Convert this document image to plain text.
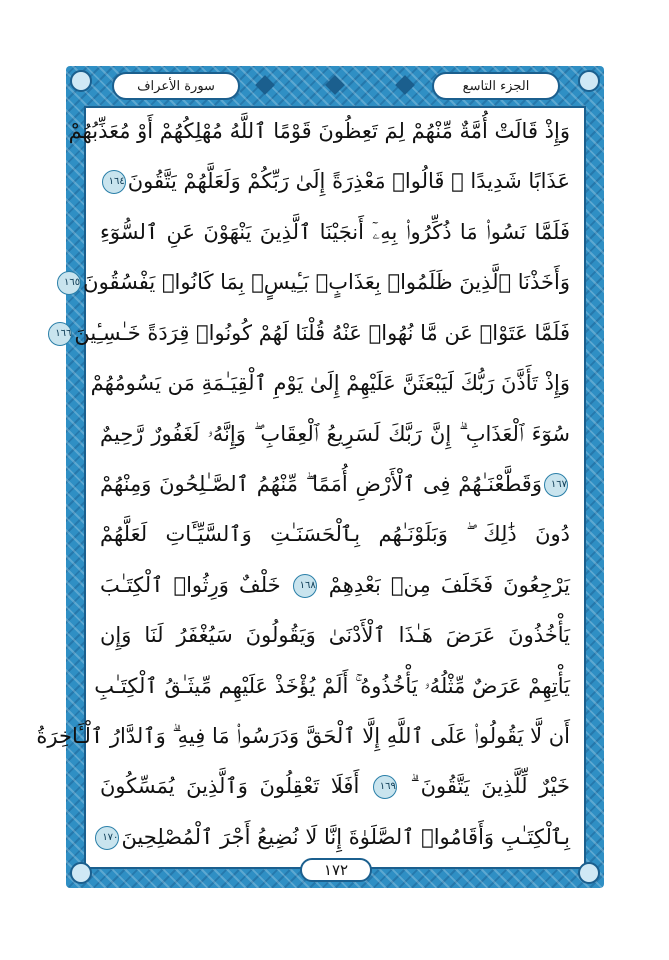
سورة الأعراف	الجزء التاسع
وَإِذْ قَالَتْ أُمَّةٌ مِّنْهُمْ لِمَ تَعِظُونَ قَوْمًا ٱللَّهُ مُهْلِكُهُمْ أَوْ مُعَذِّبُهُمْ
عَذَابًا شَدِيدًا ۖ قَالُوا۟ مَعْذِرَةً إِلَىٰ رَبِّكُمْ وَلَعَلَّهُمْ يَتَّقُونَ١٦٤
فَلَمَّا نَسُوا۟ مَا ذُكِّرُوا۟ بِهِۦٓ أَنجَيْنَا ٱلَّذِينَ يَنْهَوْنَ عَنِ ٱلسُّوٓءِ
وَأَخَذْنَا ٱلَّذِينَ ظَلَمُوا۟ بِعَذَابٍۭ بَـِٔيسٍۭ بِمَا كَانُوا۟ يَفْسُقُونَ١٦٥
فَلَمَّا عَتَوْا۟ عَن مَّا نُهُوا۟ عَنْهُ قُلْنَا لَهُمْ كُونُوا۟ قِرَدَةً خَـٰسِـِٔينَ١٦٦
وَإِذْ تَأَذَّنَ رَبُّكَ لَيَبْعَثَنَّ عَلَيْهِمْ إِلَىٰ يَوْمِ ٱلْقِيَـٰمَةِ مَن يَسُومُهُمْ
سُوٓءَ ٱلْعَذَابِ ۗ إِنَّ رَبَّكَ لَسَرِيعُ ٱلْعِقَابِ ۖ وَإِنَّهُۥ لَغَفُورٌ رَّحِيمٌ
١٦٧وَقَطَّعْنَـٰهُمْ فِى ٱلْأَرْضِ أُمَمًا ۖ مِّنْهُمُ ٱلصَّـٰلِحُونَ وَمِنْهُمْ
دُونَ ذَٰلِكَ ۖ وَبَلَوْنَـٰهُم بِٱلْحَسَنَـٰتِ وَٱلسَّيِّـَٔاتِ لَعَلَّهُمْ
يَرْجِعُونَ فَخَلَفَ مِنۢ بَعْدِهِمْ ١٦٨ خَلْفٌ وَرِثُوا۟ ٱلْكِتَـٰبَ
يَأْخُذُونَ عَرَضَ هَـٰذَا ٱلْأَدْنَىٰ وَيَقُولُونَ سَيُغْفَرُ لَنَا وَإِن
يَأْتِهِمْ عَرَضٌ مِّثْلُهُۥ يَأْخُذُوهُ ۚ أَلَمْ يُؤْخَذْ عَلَيْهِم مِّيثَـٰقُ ٱلْكِتَـٰبِ
أَن لَّا يَقُولُوا۟ عَلَى ٱللَّهِ إِلَّا ٱلْحَقَّ وَدَرَسُوا۟ مَا فِيهِ ۗ وَٱلدَّارُ ٱلْـَٔاخِرَةُ
خَيْرٌ لِّلَّذِينَ يَتَّقُونَ ۗ ١٦٩ أَفَلَا تَعْقِلُونَ وَٱلَّذِينَ يُمَسِّكُونَ
بِٱلْكِتَـٰبِ وَأَقَامُوا۟ ٱلصَّلَوٰةَ إِنَّا لَا نُضِيعُ أَجْرَ ٱلْمُصْلِحِينَ١٧٠
١٧٢
